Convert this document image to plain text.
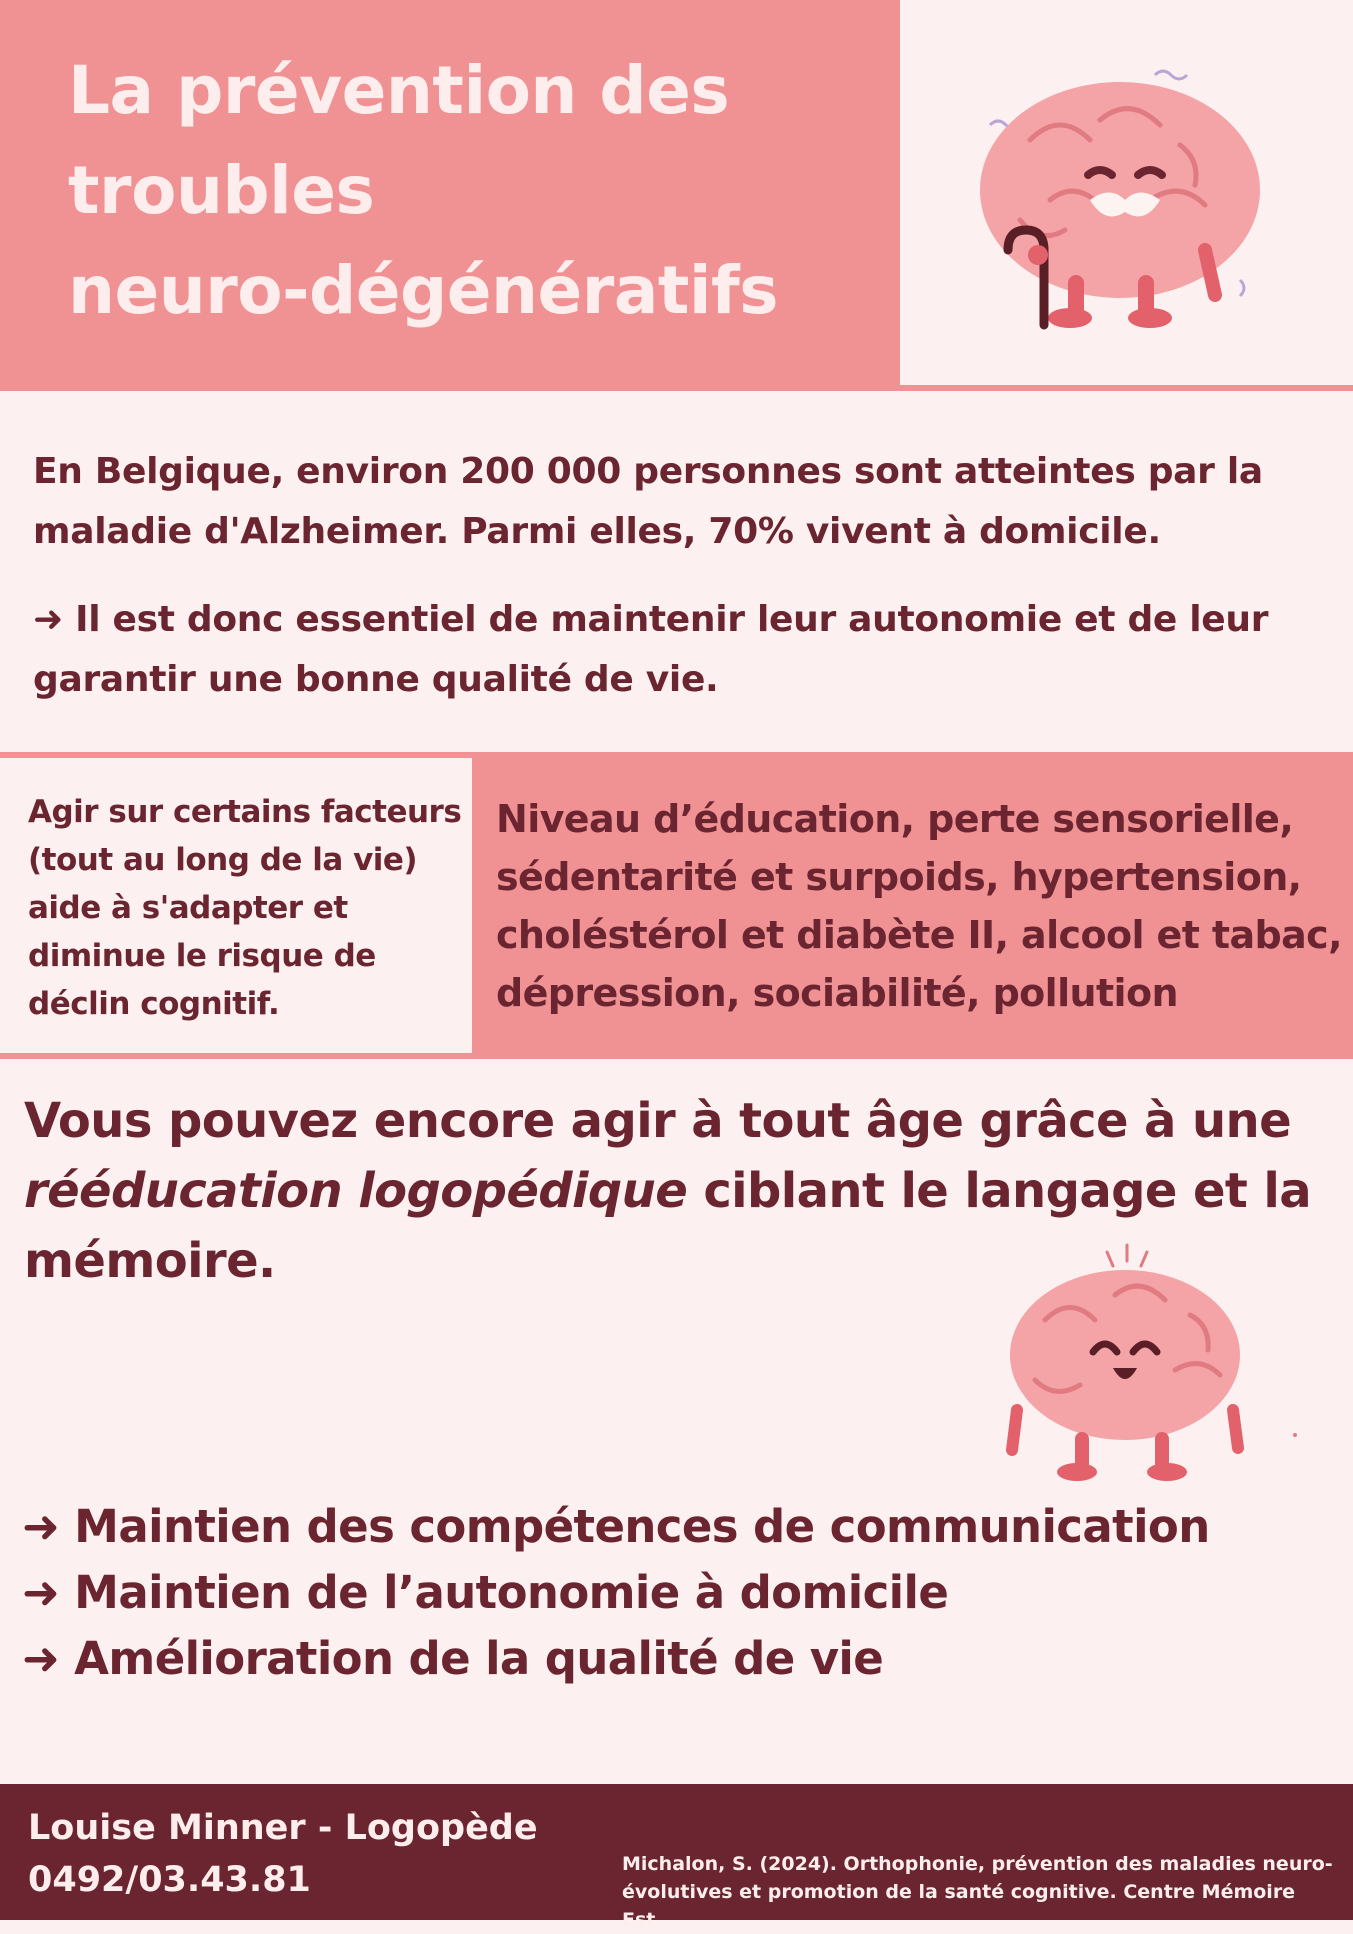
La prévention des
troubles
neuro-dégénératifs
En Belgique, environ 200 000 personnes sont atteintes par la maladie d'Alzheimer. Parmi elles, 70% vivent à domicile.
➜ Il est donc essentiel de maintenir leur autonomie et de leur garantir une bonne qualité de vie.
Agir sur certains facteurs (tout au long de la vie) aide à s'adapter et diminue le risque de déclin cognitif.
Niveau d’éducation, perte sensorielle, sédentarité et surpoids, hypertension, choléstérol et diabète II, alcool et tabac, dépression, sociabilité, pollution
Vous pouvez encore agir à tout âge grâce à une rééducation logopédique ciblant le langage et la mémoire.
➜ Maintien des compétences de communication
➜ Maintien de l’autonomie à domicile
➜ Amélioration de la qualité de vie
Louise Minner - Logopède
0492/03.43.81	Michalon, S. (2024). Orthophonie, prévention des maladies neuro-évolutives et promotion de la santé cognitive. Centre Mémoire Est.
